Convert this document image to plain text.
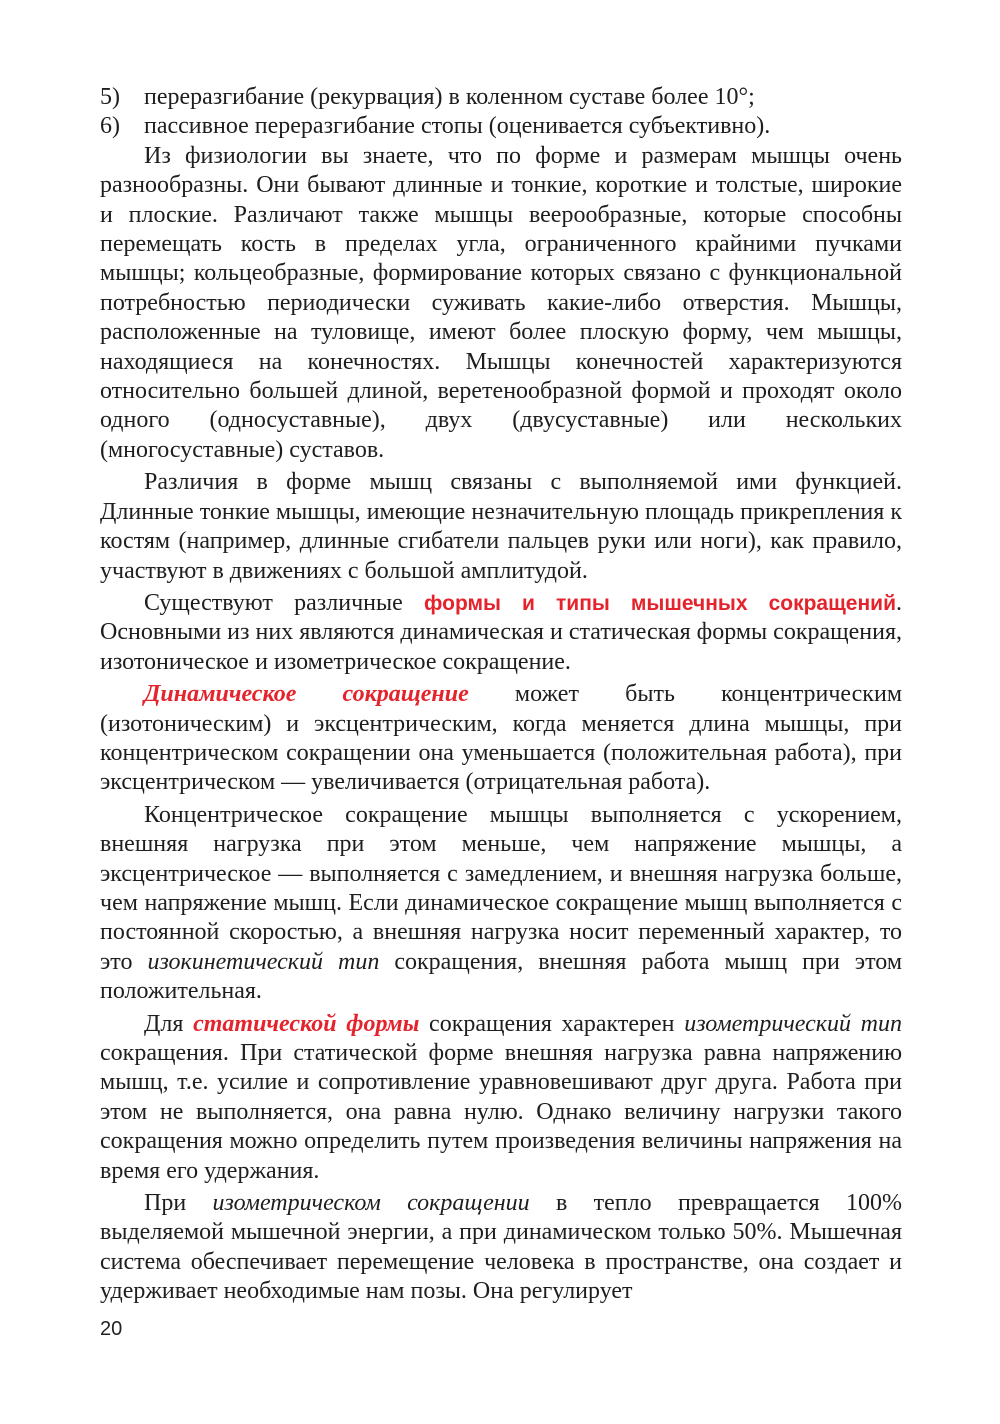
5) переразгибание (рекурвация) в коленном суставе более 10°;

6) пассивное переразгибание стопы (оценивается субъективно).

Из физиологии вы знаете, что по форме и размерам мышцы очень разнообразны. Они бывают длинные и тонкие, короткие и толстые, широкие и плоские. Различают также мышцы веерообразные, которые способны перемещать кость в пределах угла, ограниченного крайними пучками мышцы; кольцеобразные, формирование которых связано с функциональной потребностью периодически суживать какие-либо отверстия. Мышцы, расположенные на туловище, имеют более плоскую форму, чем мышцы, находящиеся на конечностях. Мышцы конечностей характеризуются относительно большей длиной, веретенообразной формой и проходят около одного (односуставные), двух (двусуставные) или нескольких (многосуставные) суставов.

Различия в форме мышц связаны с выполняемой ими функцией. Длинные тонкие мышцы, имеющие незначительную площадь прикрепления к костям (например, длинные сгибатели пальцев руки или ноги), как правило, участвуют в движениях с большой амплитудой.

Существуют различные формы и типы мышечных сокращений. Основными из них являются динамическая и статическая формы сокращения, изотоническое и изометрическое сокращение.

Динамическое сокращение может быть концентрическим (изотоническим) и эксцентрическим, когда меняется длина мышцы, при концентрическом сокращении она уменьшается (положительная работа), при эксцентрическом — увеличивается (отрицательная работа).

Концентрическое сокращение мышцы выполняется с ускорением, внешняя нагрузка при этом меньше, чем напряжение мышцы, а эксцентрическое — выполняется с замедлением, и внешняя нагрузка больше, чем напряжение мышц. Если динамическое сокращение мышц выполняется с постоянной скоростью, а внешняя нагрузка носит переменный характер, то это изокинетический тип сокращения, внешняя работа мышц при этом положительная.

Для статической формы сокращения характерен изометрический тип сокращения. При статической форме внешняя нагрузка равна напряжению мышц, т.е. усилие и сопротивление уравновешивают друг друга. Работа при этом не выполняется, она равна нулю. Однако величину нагрузки такого сокращения можно определить путем произведения величины напряжения на время его удержания.

При изометрическом сокращении в тепло превращается 100% выделяемой мышечной энергии, а при динамическом только 50%. Мышечная система обеспечивает перемещение человека в пространстве, она создает и удерживает необходимые нам позы. Она регулирует

20
